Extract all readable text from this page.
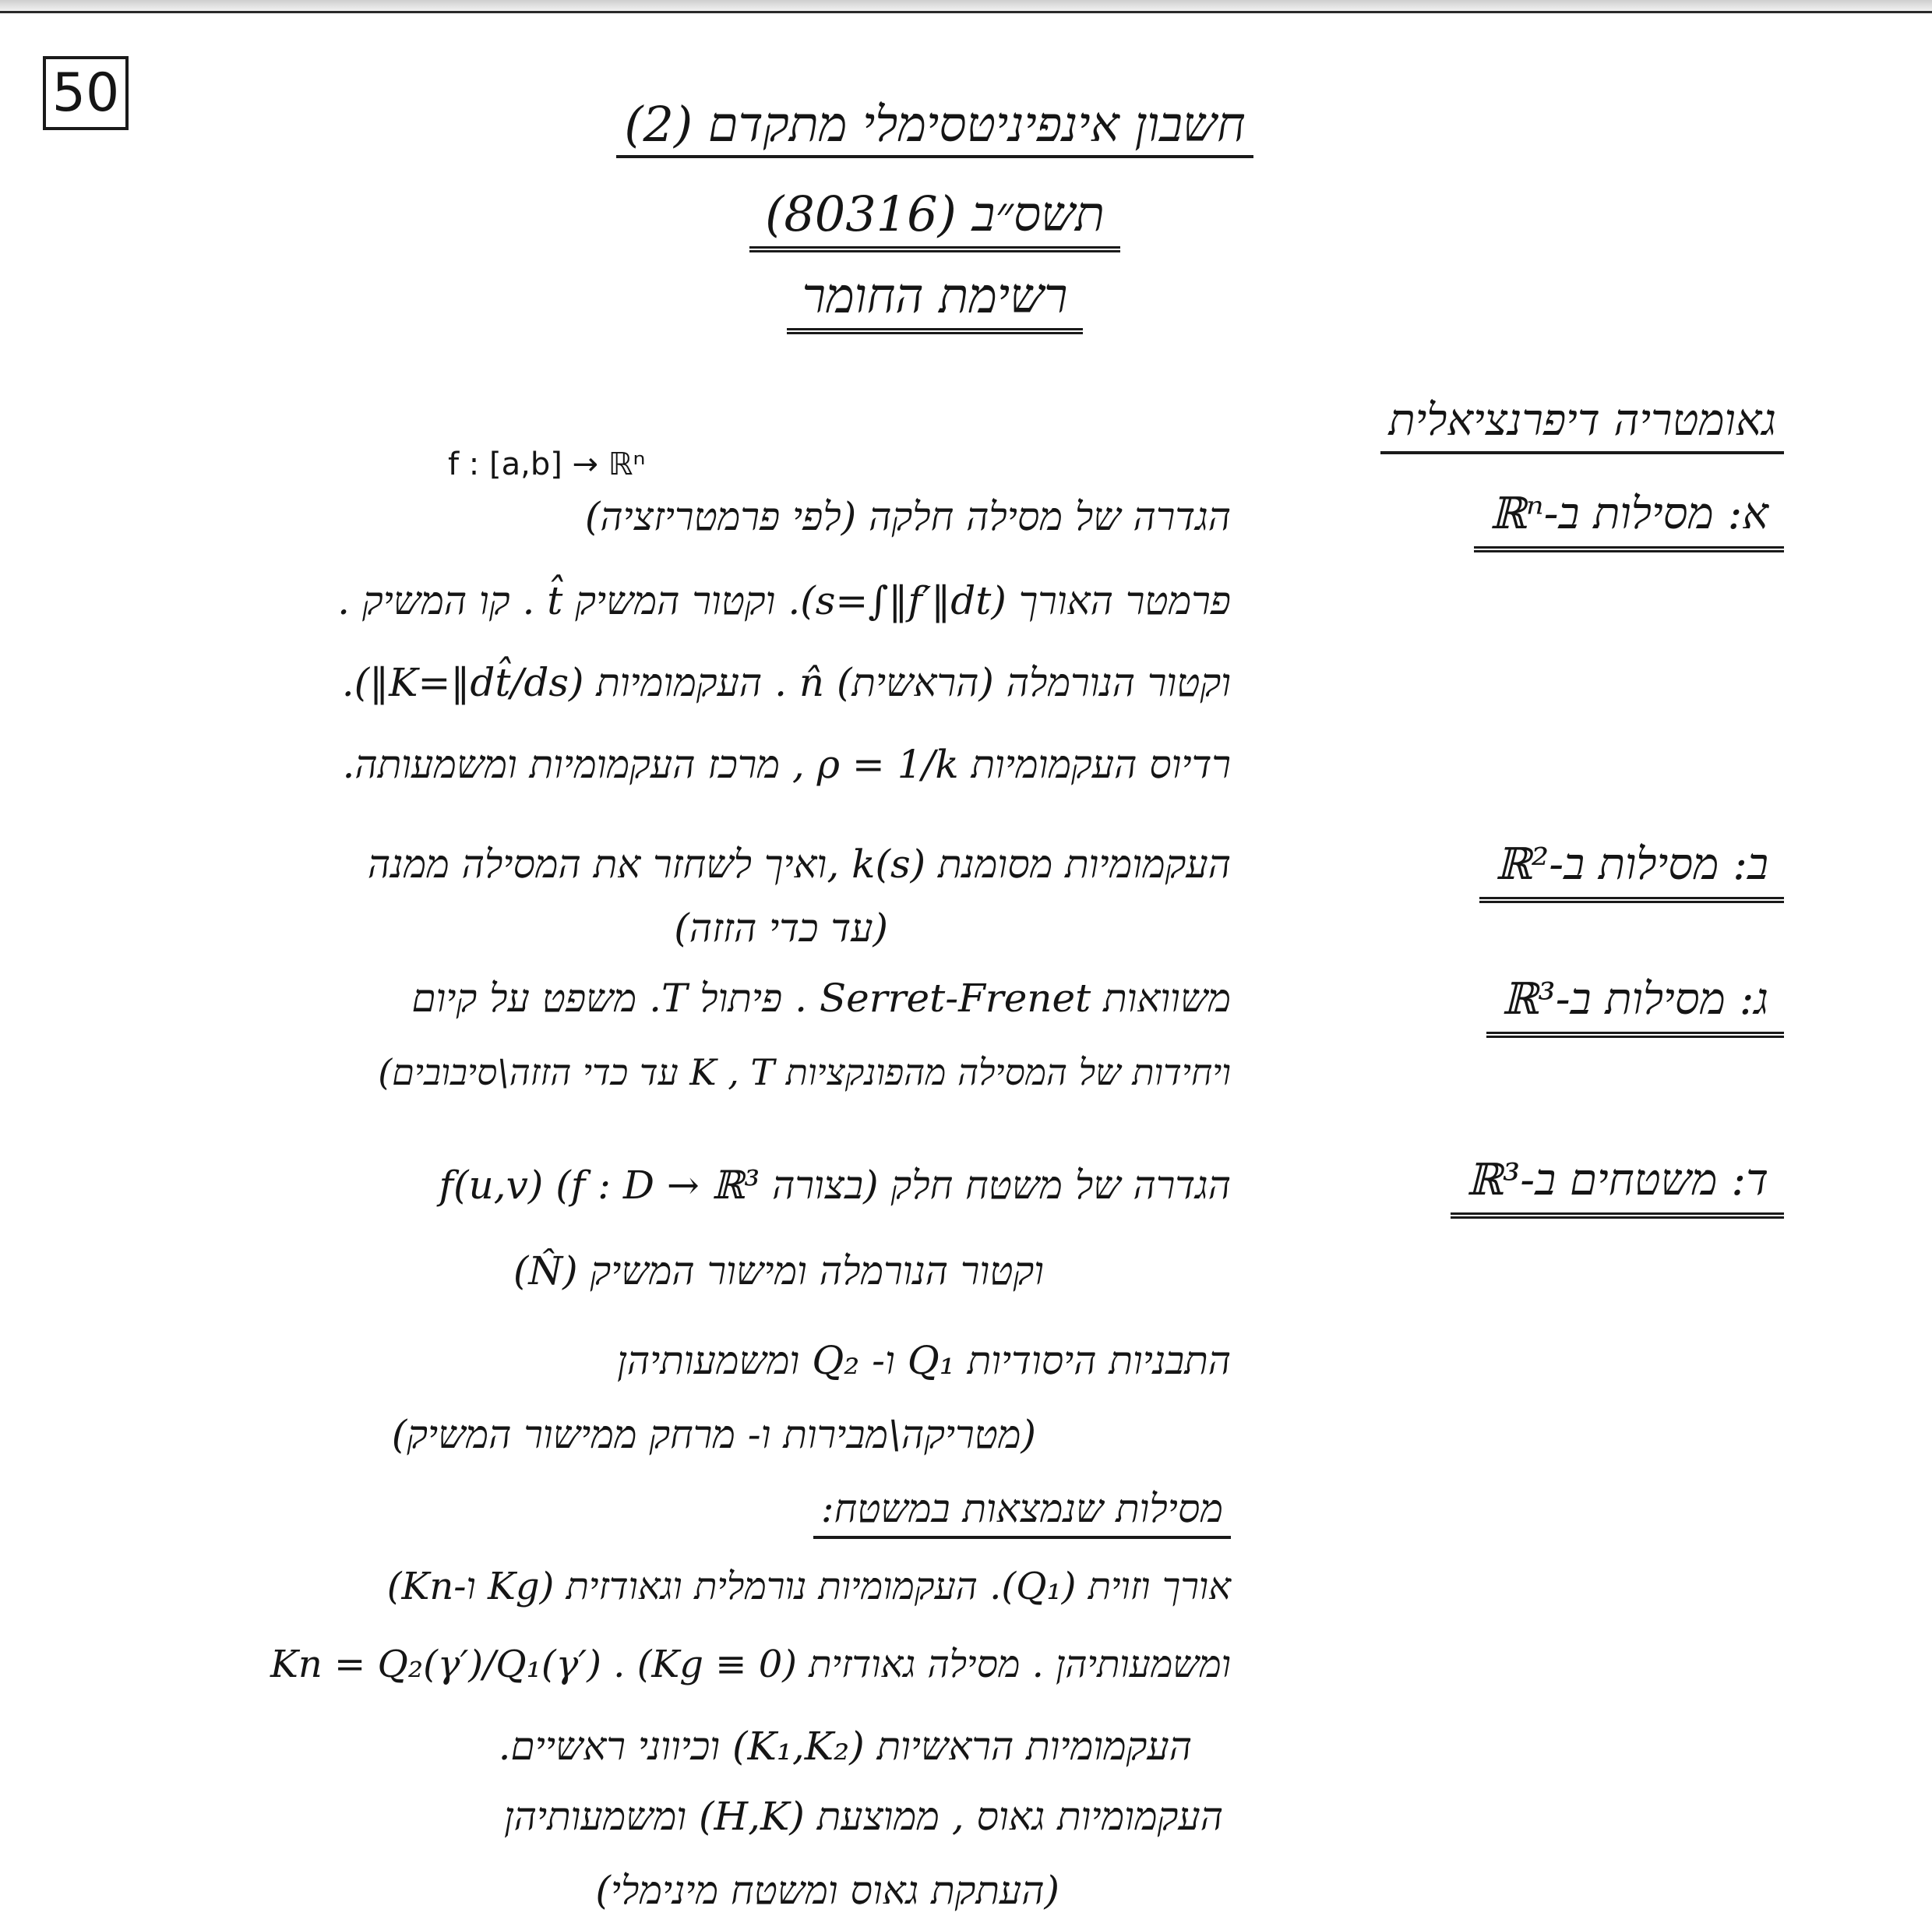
50
חשבון אינפיניטסימלי מתקדם (2)
תשס״ב (80316)
רשימת החומר
גאומטריה דיפרנציאלית
f : [a,b] → ℝⁿ
א: מסילות ב-ℝⁿ
הגדרה של מסילה חלקה (לפי פרמטריזציה)
פרמטר האורך (s=∫‖f′‖dt). וקטור המשיק t̂ . קו המשיק .
וקטור הנורמלה (הראשית) n̂ . העקמומיות (K=‖dt̂/ds‖).
רדיוס העקמומיות ρ = 1/k , מרכז העקמומיות ומשמעותה.
ב: מסילות ב-ℝ²
העקמומיות מסומנת k(s) ,ואיך לשחזר את המסילה ממנה
(עד כדי הזזה)
ג: מסילות ב-ℝ³
משוואות Serret-Frenet . פיתול T. משפט על קיום
ויחידות של המסילה מהפונקציות K , T עד כדי הזזה\סיבובים)
ד: משטחים ב-ℝ³
הגדרה של משטח חלק (בצורה f(u,v) (f : D → ℝ³
וקטור הנורמלה ומישור המשיק (N̂)
התבניות היסודיות Q₁ ו- Q₂ ומשמעותיהן
(מטריקה\מבירות ו- מרחק ממישור המשיק)
מסילות שנמצאות במשטח:
אורך וזוית (Q₁). העקמומיות נורמלית וגאודזית (Kg ו-Kn)
ומשמעותיהן . מסילה גאודזית (Kg ≡ 0) . Kn = Q₂(γ′)/Q₁(γ′)
העקמומיות הראשיות (K₁,K₂) וכיווני ראשיים.
העקמומיות גאוס , ממוצעת (H,K) ומשמעותיהן
(העתקת גאוס ומשטח מינימלי)
